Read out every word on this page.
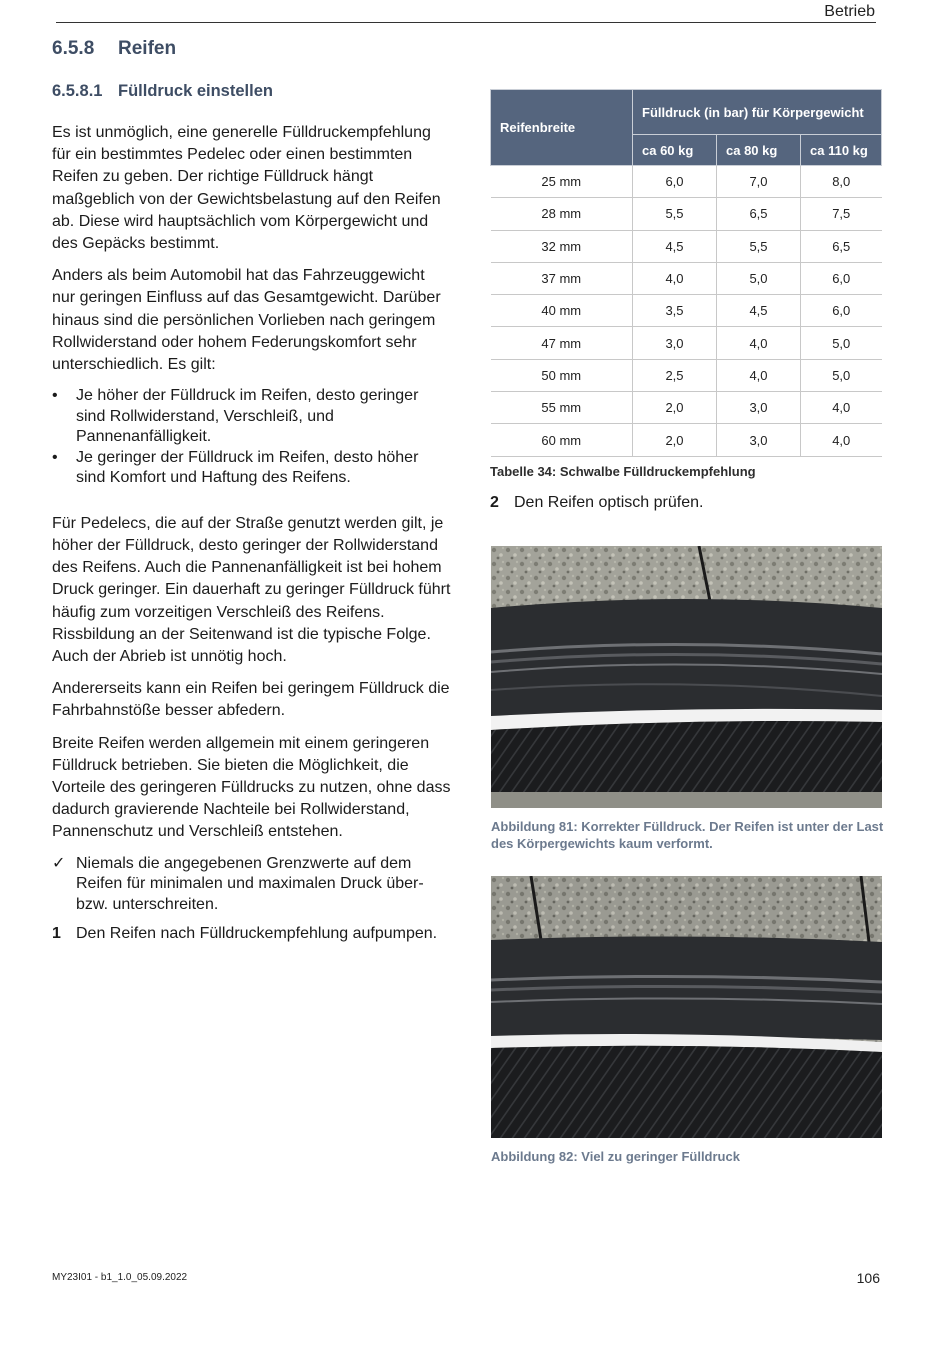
Betrieb
6.5.8 Reifen
6.5.8.1 Fülldruck einstellen

Es ist unmöglich, eine generelle Fülldruckempfehlung für ein bestimmtes Pedelec oder einen bestimmten Reifen zu geben. Der richtige Fülldruck hängt maßgeblich von der Gewichtsbelastung auf den Reifen ab. Diese wird hauptsächlich vom Körpergewicht und des Gepäcks bestimmt.

Anders als beim Automobil hat das Fahrzeuggewicht nur geringen Einfluss auf das Gesamtgewicht. Darüber hinaus sind die persönlichen Vorlieben nach geringem Rollwiderstand oder hohem Federungskomfort sehr unterschiedlich. Es gilt:

• Je höher der Fülldruck im Reifen, desto geringer sind Rollwiderstand, Verschleiß, und Pannenanfälligkeit.
• Je geringer der Fülldruck im Reifen, desto höher sind Komfort und Haftung des Reifens.

Für Pedelecs, die auf der Straße genutzt werden gilt, je höher der Fülldruck, desto geringer der Rollwiderstand des Reifens. Auch die Pannenanfälligkeit ist bei hohem Druck geringer. Ein dauerhaft zu geringer Fülldruck führt häufig zum vorzeitigen Verschleiß des Reifens. Rissbildung an der Seitenwand ist die typische Folge. Auch der Abrieb ist unnötig hoch.

Andererseits kann ein Reifen bei geringem Fülldruck die Fahrbahnstöße besser abfedern.

Breite Reifen werden allgemein mit einem geringeren Fülldruck betrieben. Sie bieten die Möglichkeit, die Vorteile des geringeren Fülldrucks zu nutzen, ohne dass dadurch gravierende Nachteile bei Rollwiderstand, Pannenschutz und Verschleiß entstehen.

✓ Niemals die angegebenen Grenzwerte auf dem Reifen für minimalen und maximalen Druck über- bzw. unterschreiten.
1 Den Reifen nach Fülldruckempfehlung aufpumpen.
Reifenbreite	Fülldruck (in bar) für Körpergewicht		
	ca 60 kg	ca 80 kg	ca 110 kg
25 mm	6,0	7,0	8,0
28 mm	5,5	6,5	7,5
32 mm	4,5	5,5	6,5
37 mm	4,0	5,0	6,0
40 mm	3,5	4,5	6,0
47 mm	3,0	4,0	5,0
50 mm	2,5	4,0	5,0
55 mm	2,0	3,0	4,0
60 mm	2,0	3,0	4,0
Tabelle 34: Schwalbe Fülldruckempfehlung
2 Den Reifen optisch prüfen.
Abbildung 81: Korrekter Fülldruck. Der Reifen ist unter der Last des Körpergewichts kaum verformt.
Abbildung 82: Viel zu geringer Fülldruck
MY23I01 - b1_1.0_05.09.2022	106
